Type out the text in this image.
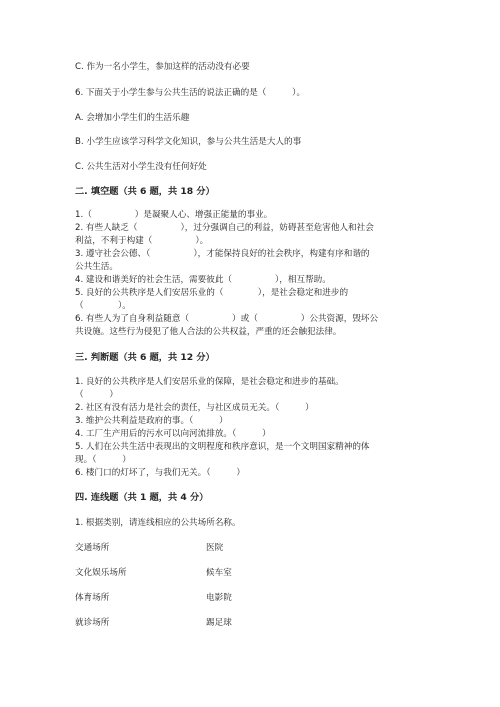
C. 作为一名小学生，参加这样的活动没有必要
6. 下面关于小学生参与公共生活的说法正确的是（　　　）。
A. 会增加小学生们的生活乐趣
B. 小学生应该学习科学文化知识，参与公共生活是大人的事
C. 公共生活对小学生没有任何好处
二. 填空题（共 6 题，共 18 分）
1.（　　　　　）是凝聚人心、增强正能量的事业。
2. 有些人缺乏（　　　　　），过分强调自己的利益，妨碍甚至危害他人和社会
利益，不利于构建（　　　　　）。
3. 遵守社会公德、（　　　　　），才能保持良好的社会秩序，构建有序和谐的
公共生活。
4. 建设和谐美好的社会生活，需要彼此（　　　　　），相互帮助。
5. 良好的公共秩序是人们安居乐业的（　　　　），是社会稳定和进步的
（　　　　）。
6. 有些人为了自身利益随意（　　　　　）或（　　　　　）公共资源，毁坏公
共设施。这些行为侵犯了他人合法的公共权益，严重的还会触犯法律。
三. 判断题（共 6 题，共 12 分）
1. 良好的公共秩序是人们安居乐业的保障，是社会稳定和进步的基础。
（　　　）
2. 社区有没有活力是社会的责任，与社区成员无关。（　　　）
3. 维护公共利益是政府的事。（　　　）
4. 工厂生产用后的污水可以向河流排放。（　　　）
5. 人们在公共生活中表现出的文明程度和秩序意识，是一个文明国家精神的体
现。（　　　）
6. 楼门口的灯坏了，与我们无关。（　　　）
四. 连线题（共 1 题，共 4 分）
1. 根据类别，请连线相应的公共场所名称。
交通场所	医院
文化娱乐场所	候车室
体育场所	电影院
就诊场所	踢足球
